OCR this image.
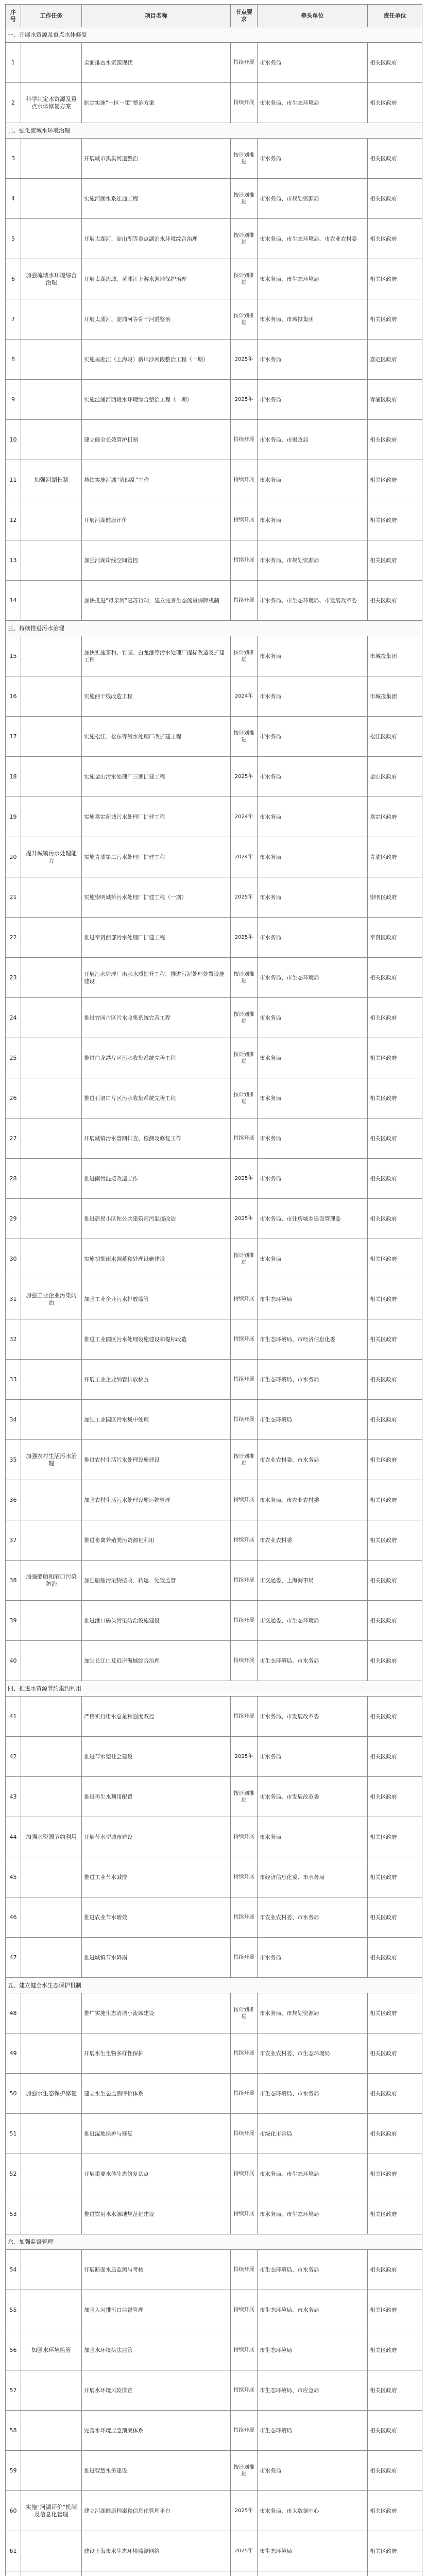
序号	工作任务	项目名称	节点要求	牵头单位	责任单位
一、开展水资源及重点水体修复					
1		全面排查水资源现状	持续开展	市水务局	相关区政府
2	科学制定水资源及重点水体修复方案	制定实施“一区一策”整治方案	持续开展	市水务局、市生态环境局	相关区政府
二、强化流域水环境治理					
3		开展城市黑臭河道整治	按计划推进	市水务局	相关区政府
4		实施河湖水系连通工程	按计划推进	市水务局、市规划资源局	相关区政府
5		开展大湖河、淀山湖等重点湖泊水环境综合治理	按计划推进	市水务局、市生态环境局、市农业农村委	相关区政府
6	加强流域水环境综合治理	开展太湖流域、黄浦江上游水源地保护治理	按计划推进	市水务局、市生态环境局	相关区政府
7		开展太浦河、淀浦河等骨干河道整治	按计划推进	市水务局、市城投集团	相关区政府
8		实施吴淞江（上海段）新川沙河段整治工程（一期）	2025年	市水务局	嘉定区政府
9		实施淀浦河西段水环境综合整治工程（一期）	2025年	市水务局	青浦区政府
10		建立健全长效管护机制	持续开展	市水务局、市财政局	相关区政府
11	加强河湖长制	持续实施河湖“清四乱”工作	持续开展	市水务局	相关区政府
12		开展河湖健康评价	持续开展	市水务局	相关区政府
13		加强河湖岸线空间管控	持续开展	市水务局、市规划资源局	相关区政府
14		加快推进“母亲河”复苏行动，建立完善生态流量保障机制	持续开展	市水务局、市生态环境局、市发展改革委	相关区政府
三、持续推进污水治理					
15		加快实施泰和、竹园、白龙港等污水处理厂提标改造及扩建工程	按计划推进	市水务局	市城投集团
16		实施西干线改造工程	2024年	市水务局	市城投集团
17		实施松江、松东等污水处理厂改扩建工程	按计划推进	市水务局	松江区政府
18		实施金山污水处理厂三期扩建工程	2025年	市水务局	金山区政府
19		实施嘉定新城污水处理厂扩建工程	2024年	市水务局	嘉定区政府
20	提升城镇污水处理能力	实施青浦第二污水处理厂扩建工程	2024年	市水务局	青浦区政府
21		实施崇明城桥污水处理厂扩建工程（一期）	2025年	市水务局	崇明区政府
22		推进奉贤西部污水处理厂扩建工程	2025年	市水务局	奉贤区政府
23		开展污水处理厂出水水质提升工程，推进污泥处理处置设施建设	按计划推进	市水务局、市生态环境局	相关区政府
24		推进竹园片区污水收集系统完善工程	按计划推进	市水务局	相关区政府
25		推进白龙港片区污水收集系统完善工程	按计划推进	市水务局	相关区政府
26		推进石洞口片区污水收集系统完善工程	按计划推进	市水务局	相关区政府
27		开展城镇污水管网排查、检测及修复工作	持续开展	市水务局	相关区政府
28		推进雨污混接改造工作	2025年	市水务局	相关区政府
29		推进居民小区和公共建筑雨污混接改造	2025年	市水务局、市住房城乡建设管理委	相关区政府
30		实施初期雨水调蓄和处理设施建设	按计划推进	市水务局	相关区政府
31	加强工业企业污染防治	加强工业企业污水排放监管	持续开展	市生态环境局	相关区政府
32		推进工业园区污水处理设施建设和提标改造	持续开展	市生态环境局、市经济信息化委	相关区政府
33		开展工业企业纳管排放核查	持续开展	市生态环境局、市水务局	相关区政府
34		加强工业园区污水集中处理	持续开展	市生态环境局	相关区政府
35	加强农村生活污水治理	推进农村生活污水处理设施建设	按计划推进	市农业农村委、市水务局	相关区政府
36		加强农村生活污水处理设施运维管理	持续开展	市水务局、市农业农村委	相关区政府
37		推进畜禽养殖粪污资源化利用	持续开展	市农业农村委	相关区政府
38	加强船舶和港口污染防治	加强船舶污染物接收、转运、处置监管	持续开展	市交通委、上海海事局	相关区政府
39		推进港口码头污染防治设施建设	持续开展	市交通委、市生态环境局	相关区政府
40		加强长江口及近岸海域综合治理	持续开展	市生态环境局、市水务局	相关区政府
四、推进水资源节约集约利用					
41		严格实行用水总量和强度双控	持续开展	市水务局、市发展改革委	相关区政府
42		推进节水型社会建设	2025年	市水务局	相关区政府
43		推进再生水利用配置	按计划推进	市水务局、市发展改革委	相关区政府
44	加强水资源节约利用	开展节水型城市建设	持续开展	市水务局	相关区政府
45		推进工业节水减排	持续开展	市经济信息化委、市水务局	相关区政府
46		推进农业节水增效	持续开展	市农业农村委、市水务局	相关区政府
47		推进城镇节水降损	持续开展	市水务局	相关区政府
五、建立健全水生态保护机制					
48		推广实施生态清洁小流域建设	按计划推进	市水务局、市规划资源局	相关区政府
49		开展水生生物多样性保护	持续开展	市农业农村委、市生态环境局	相关区政府
50	加强水生态保护修复	建立水生态监测评价体系	持续开展	市生态环境局、市水务局	相关区政府
51		推进湿地保护与修复	持续开展	市绿化市容局	相关区政府
52		开展重要水体生态修复试点	持续开展	市水务局、市生态环境局	相关区政府
53		推进饮用水水源地规范化建设	持续开展	市水务局、市生态环境局	相关区政府
六、加强监督管理					
54		开展断面水质监测与考核	持续开展	市生态环境局、市水务局	相关区政府
55		加强入河排污口监督管理	持续开展	市生态环境局、市水务局	相关区政府
56	加强水环境监管	加强水环境执法监管	持续开展	市生态环境局	相关区政府
57		开展水环境风险排查	持续开展	市生态环境局、市应急局	相关区政府
58		完善水环境应急预案体系	持续开展	市生态环境局	相关区政府
59		推进智慧水务建设	按计划推进	市水务局	相关区政府
60	实施“河湖评价”机制及信息化管理	建立河湖健康档案和信息化管理平台	2025年	市水务局、市大数据中心	相关区政府
61		建设上海市水生态环境监测网络	2025年	市生态环境局	相关区政府
